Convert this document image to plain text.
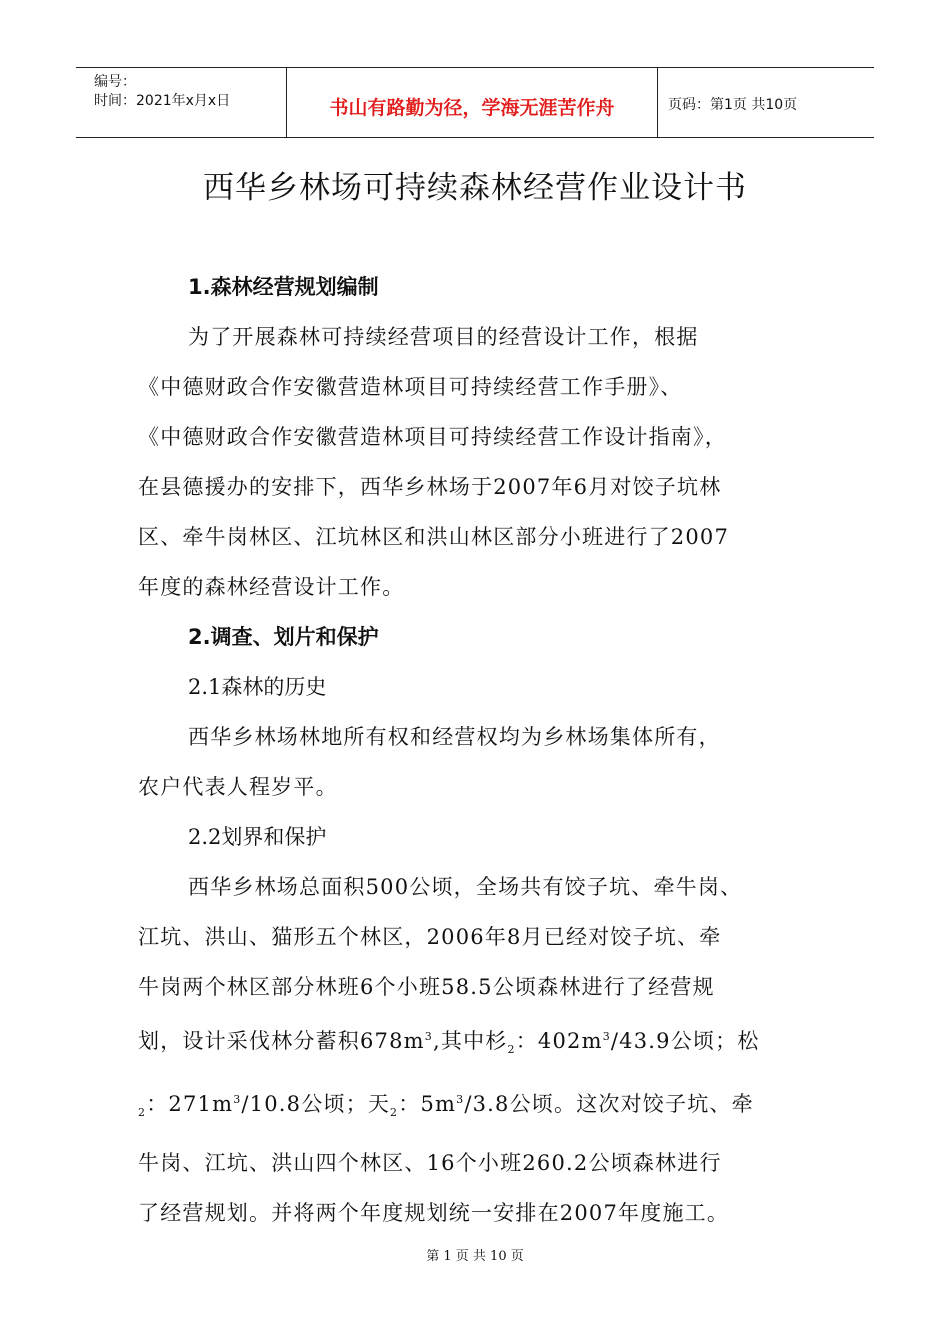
编号：
时间：2021年x月x日	书山有路勤为径，学海无涯苦作舟	页码：第1页 共10页
西华乡林场可持续森林经营作业设计书
1.森林经营规划编制
为了开展森林可持续经营项目的经营设计工作，根据
《中德财政合作安徽营造林项目可持续经营工作手册》、
《中德财政合作安徽营造林项目可持续经营工作设计指南》，
在县德援办的安排下，西华乡林场于2007年6月对饺子坑林
区、牵牛岗林区、江坑林区和洪山林区部分小班进行了2007
年度的森林经营设计工作。
2.调查、划片和保护
2.1森林的历史
西华乡林场林地所有权和经营权均为乡林场集体所有，
农户代表人程岁平。
2.2划界和保护
西华乡林场总面积500公顷，全场共有饺子坑、牵牛岗、
江坑、洪山、猫形五个林区，2006年8月已经对饺子坑、牵
牛岗两个林区部分林班6个小班58.5公顷森林进行了经营规
划，设计采伐林分蓄积$678m^3$,其中杉$_2$：$402m^3/43.9$公顷；松
$_2$：$271m^3/10.8$公顷；天$_2$：$5m^3/3.8$公顷。这次对饺子坑、牵
牛岗、江坑、洪山四个林区、16个小班260.2公顷森林进行
了经营规划。并将两个年度规划统一安排在2007年度施工。
第 1 页 共 10 页
